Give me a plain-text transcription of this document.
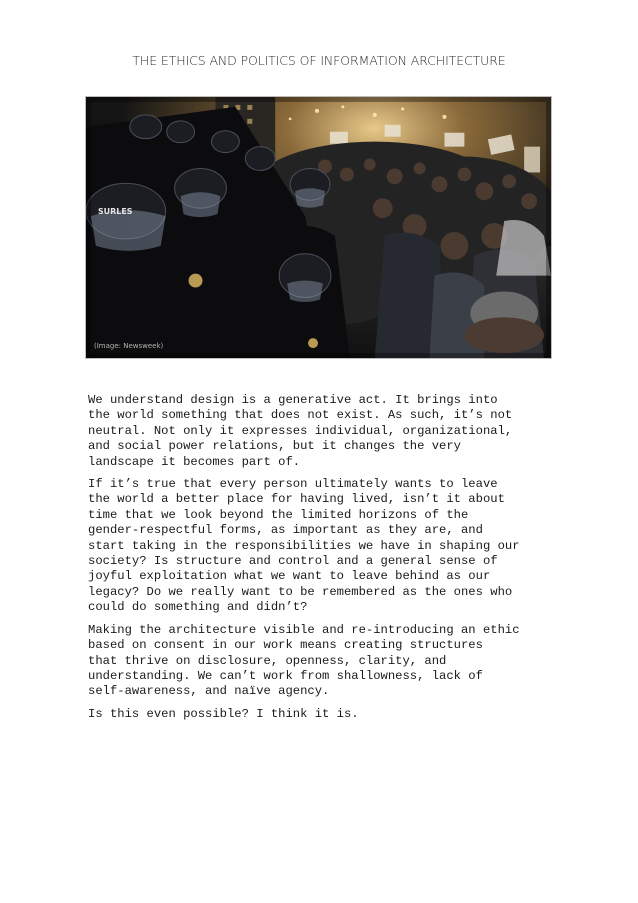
THE ETHICS AND POLITICS OF INFORMATION ARCHITECTURE
SURLES
(Image: Newsweek)

We understand design is a generative act. It brings into
the world something that does not exist. As such, it’s not
neutral. Not only it expresses individual, organizational,
and social power relations, but it changes the very
landscape it becomes part of.

If it’s true that every person ultimately wants to leave
the world a better place for having lived, isn’t it about
time that we look beyond the limited horizons of the
gender-respectful forms, as important as they are, and
start taking in the responsibilities we have in shaping our
society? Is structure and control and a general sense of
joyful exploitation what we want to leave behind as our
legacy? Do we really want to be remembered as the ones who
could do something and didn’t?

Making the architecture visible and re-introducing an ethic
based on consent in our work means creating structures
that thrive on disclosure, openness, clarity, and
understanding. We can’t work from shallowness, lack of
self-awareness, and naïve agency.

Is this even possible? I think it is.
